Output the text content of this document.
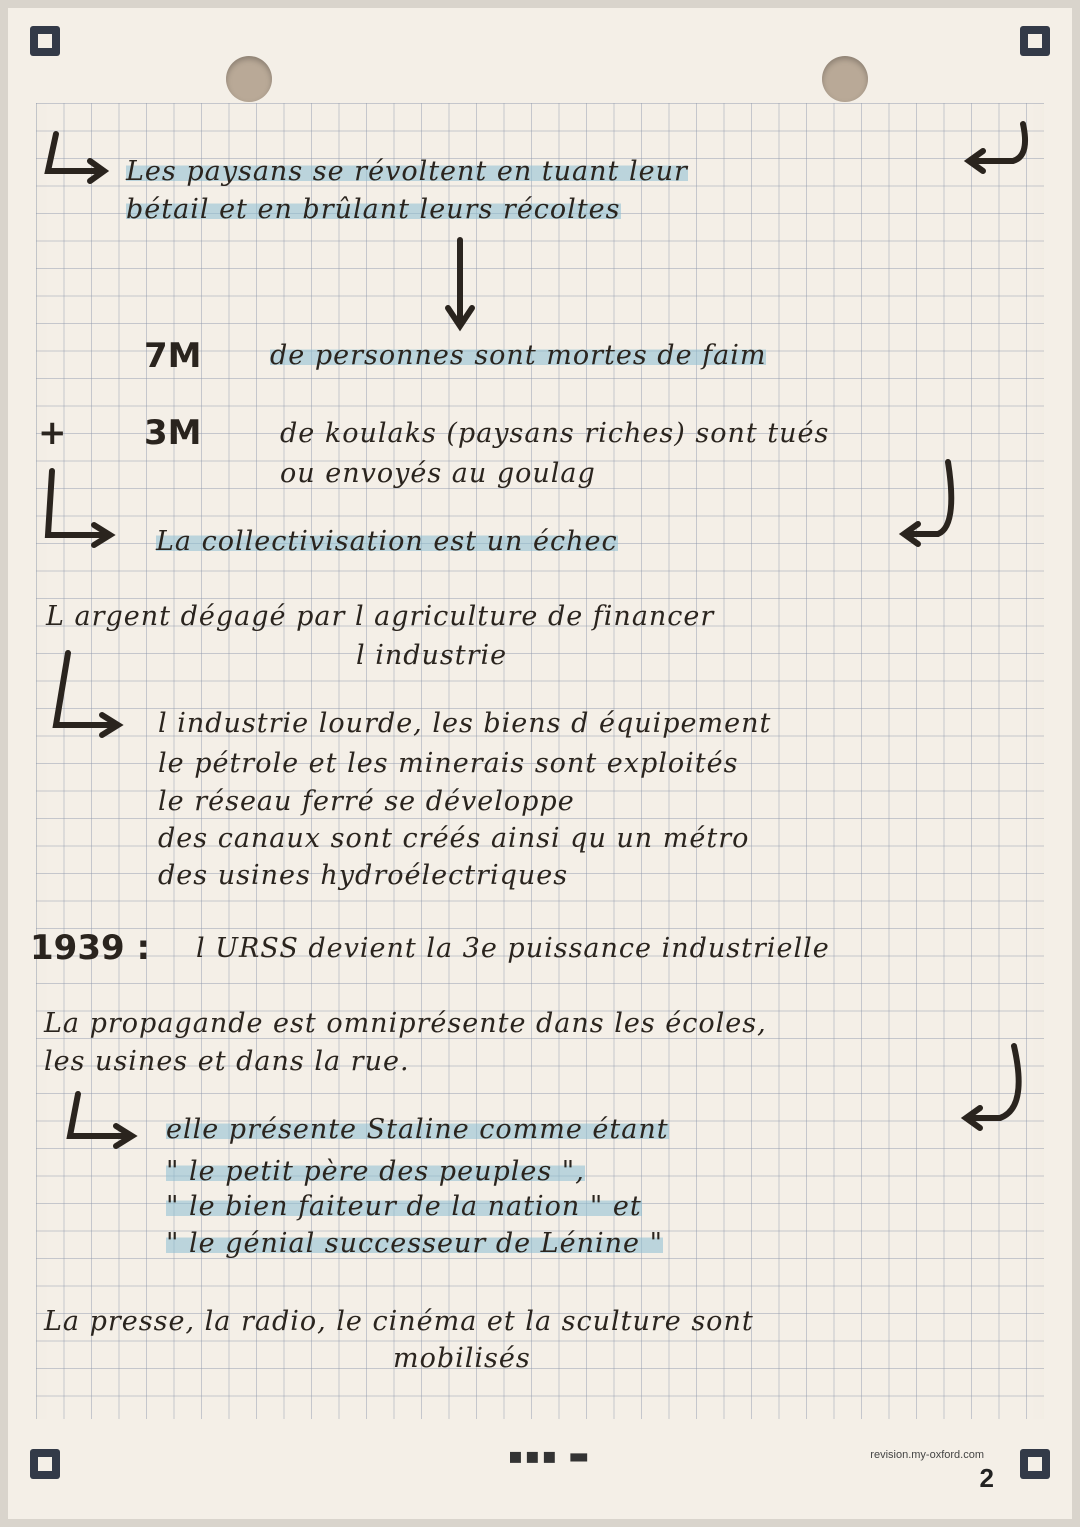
Les paysans se révoltent en tuant leur
bétail et en brûlant leurs récoltes
7M	de personnes sont mortes de faim
+ 3M	de koulaks (paysans riches) sont tués
ou envoyés au goulag
La collectivisation est un échec
L argent dégagé par l agriculture de financer
l industrie
l industrie lourde, les biens d équipement
le pétrole et les minerais sont exploités
le réseau ferré se développe
des canaux sont créés ainsi qu un métro
des usines hydroélectriques
1939 : l URSS devient la 3e puissance industrielle
La propagande est omniprésente dans les écoles,
les usines et dans la rue.
elle présente Staline comme étant
" le petit père des peuples ",
" le bien faiteur de la nation " et
" le génial successeur de Lénine "
La presse, la radio, le cinéma et la sculture sont
mobilisés
▪▪▪ ▬	revision.my-oxford.com
2
